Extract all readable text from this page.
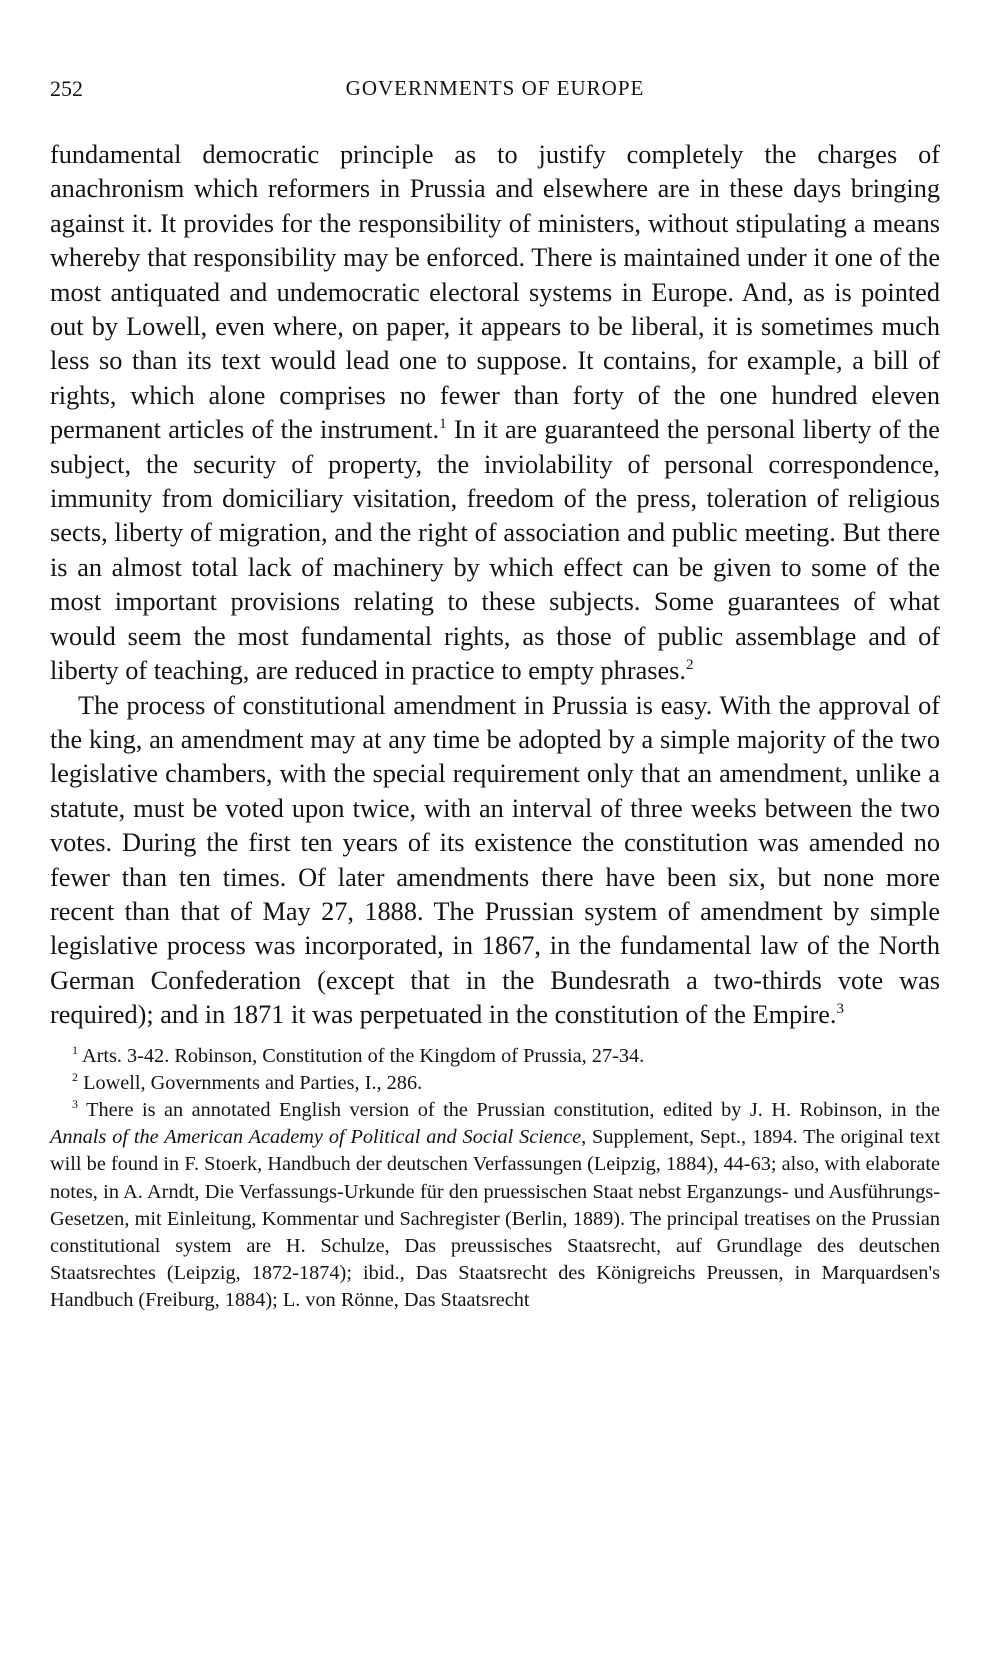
252	GOVERNMENTS OF EUROPE

fundamental democratic principle as to justify completely the charges of anachronism which reformers in Prussia and elsewhere are in these days bringing against it. It provides for the responsibility of ministers, without stipulating a means whereby that responsibility may be enforced. There is maintained under it one of the most antiquated and undemocratic electoral systems in Europe. And, as is pointed out by Lowell, even where, on paper, it appears to be liberal, it is sometimes much less so than its text would lead one to suppose. It contains, for example, a bill of rights, which alone comprises no fewer than forty of the one hundred eleven permanent articles of the instrument.$^1$ In it are guaranteed the personal liberty of the subject, the security of property, the inviolability of personal correspondence, immunity from domiciliary visitation, freedom of the press, toleration of religious sects, liberty of migration, and the right of association and public meeting. But there is an almost total lack of machinery by which effect can be given to some of the most important provisions relating to these subjects. Some guarantees of what would seem the most fundamental rights, as those of public assemblage and of liberty of teaching, are reduced in practice to empty phrases.$^2$

The process of constitutional amendment in Prussia is easy. With the approval of the king, an amendment may at any time be adopted by a simple majority of the two legislative chambers, with the special requirement only that an amendment, unlike a statute, must be voted upon twice, with an interval of three weeks between the two votes. During the first ten years of its existence the constitution was amended no fewer than ten times. Of later amendments there have been six, but none more recent than that of May 27, 1888. The Prussian system of amendment by simple legislative process was incorporated, in 1867, in the fundamental law of the North German Confederation (except that in the Bundesrath a two-thirds vote was required); and in 1871 it was perpetuated in the constitution of the Empire.$^3$

$^1$ Arts. 3-42. Robinson, Constitution of the Kingdom of Prussia, 27-34.

$^2$ Lowell, Governments and Parties, I., 286.

$^3$ There is an annotated English version of the Prussian constitution, edited by J. H. Robinson, in the Annals of the American Academy of Political and Social Science, Supplement, Sept., 1894. The original text will be found in F. Stoerk, Handbuch der deutschen Verfassungen (Leipzig, 1884), 44-63; also, with elaborate notes, in A. Arndt, Die Verfassungs-Urkunde für den pruessischen Staat nebst Erganzungs- und Ausführungs-Gesetzen, mit Einleitung, Kommentar und Sachregister (Berlin, 1889). The principal treatises on the Prussian constitutional system are H. Schulze, Das preussisches Staatsrecht, auf Grundlage des deutschen Staatsrechtes (Leipzig, 1872-1874); ibid., Das Staatsrecht des Königreichs Preussen, in Marquardsen's Handbuch (Freiburg, 1884); L. von Rönne, Das Staatsrecht
